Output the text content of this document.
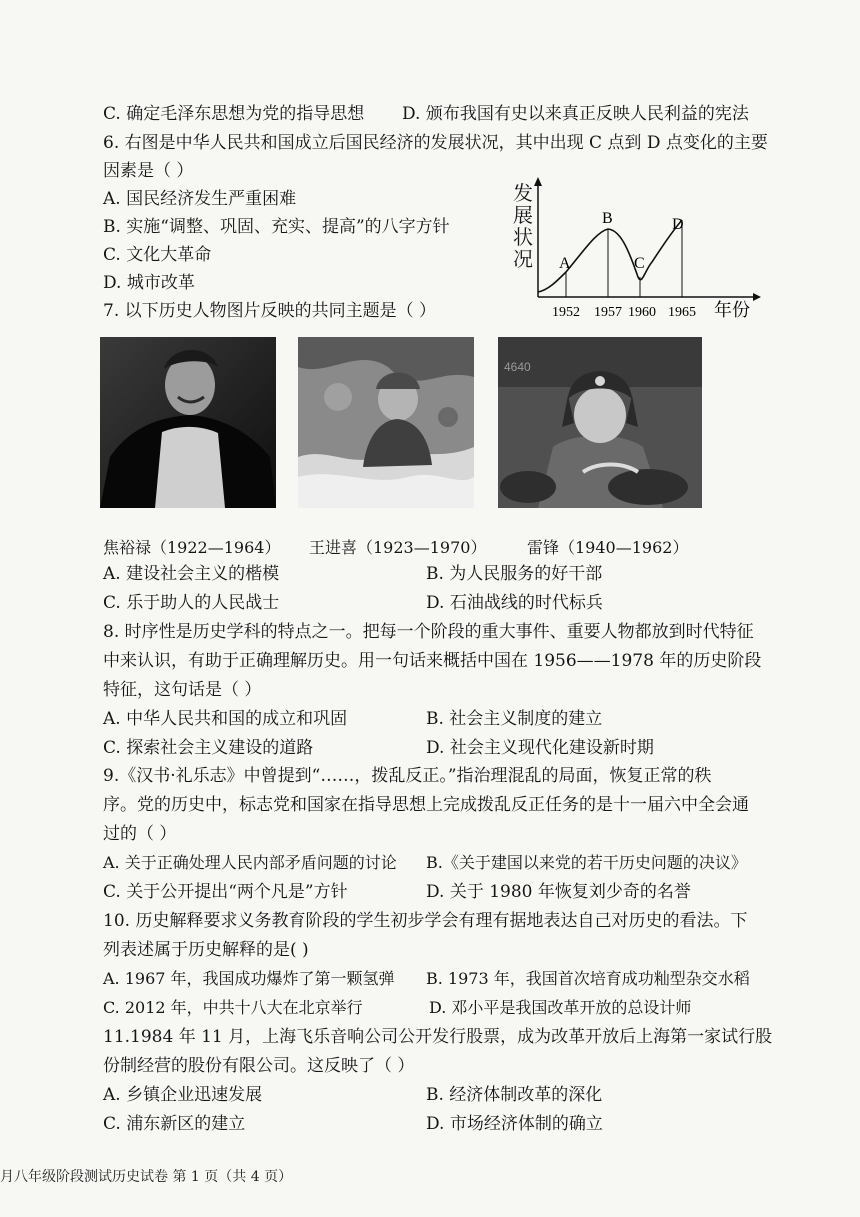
C. 确定毛泽东思想为党的指导思想 D. 颁布我国有史以来真正反映人民利益的宪法
6. 右图是中华人民共和国成立后国民经济的发展状况，其中出现 C 点到 D 点变化的主要
因素是（ ）
A. 国民经济发生严重困难
B. 实施“调整、巩固、充实、提高”的八字方针
C. 文化大革命
D. 城市改革
发
展
状
况 A
B
C
D
1952 1957 1960 1965 年份
7. 以下历史人物图片反映的共同主题是（ ）
4640
焦裕禄（1922—1964） 王进喜（1923—1970）	雷锋（1940—1962）
A. 建设社会主义的楷模	B. 为人民服务的好干部
C. 乐于助人的人民战士	D. 石油战线的时代标兵
8. 时序性是历史学科的特点之一。把每一个阶段的重大事件、重要人物都放到时代特征
中来认识，有助于正确理解历史。用一句话来概括中国在 1956——1978 年的历史阶段
特征，这句话是（ ）
A. 中华人民共和国的成立和巩固	B. 社会主义制度的建立
C. 探索社会主义建设的道路	D. 社会主义现代化建设新时期
9.《汉书·礼乐志》中曾提到“……，拨乱反正。”指治理混乱的局面，恢复正常的秩
序。党的历史中，标志党和国家在指导思想上完成拨乱反正任务的是十一届六中全会通
过的（ ）
A. 关于正确处理人民内部矛盾问题的讨论 B.《关于建国以来党的若干历史问题的决议》
C. 关于公开提出“两个凡是”方针	D. 关于 1980 年恢复刘少奇的名誉
10. 历史解释要求义务教育阶段的学生初步学会有理有据地表达自己对历史的看法。下
列表述属于历史解释的是( )
A. 1967 年，我国成功爆炸了第一颗氢弹 B. 1973 年，我国首次培育成功籼型杂交水稻
C. 2012 年，中共十八大在北京举行	D. 邓小平是我国改革开放的总设计师
11.1984 年 11 月，上海飞乐音响公司公开发行股票，成为改革开放后上海第一家试行股
份制经营的股份有限公司。这反映了（ ）
A. 乡镇企业迅速发展	B. 经济体制改革的深化
C. 浦东新区的建立	D. 市场经济体制的确立
月八年级阶段测试历史试卷 第 1 页（共 4 页）
